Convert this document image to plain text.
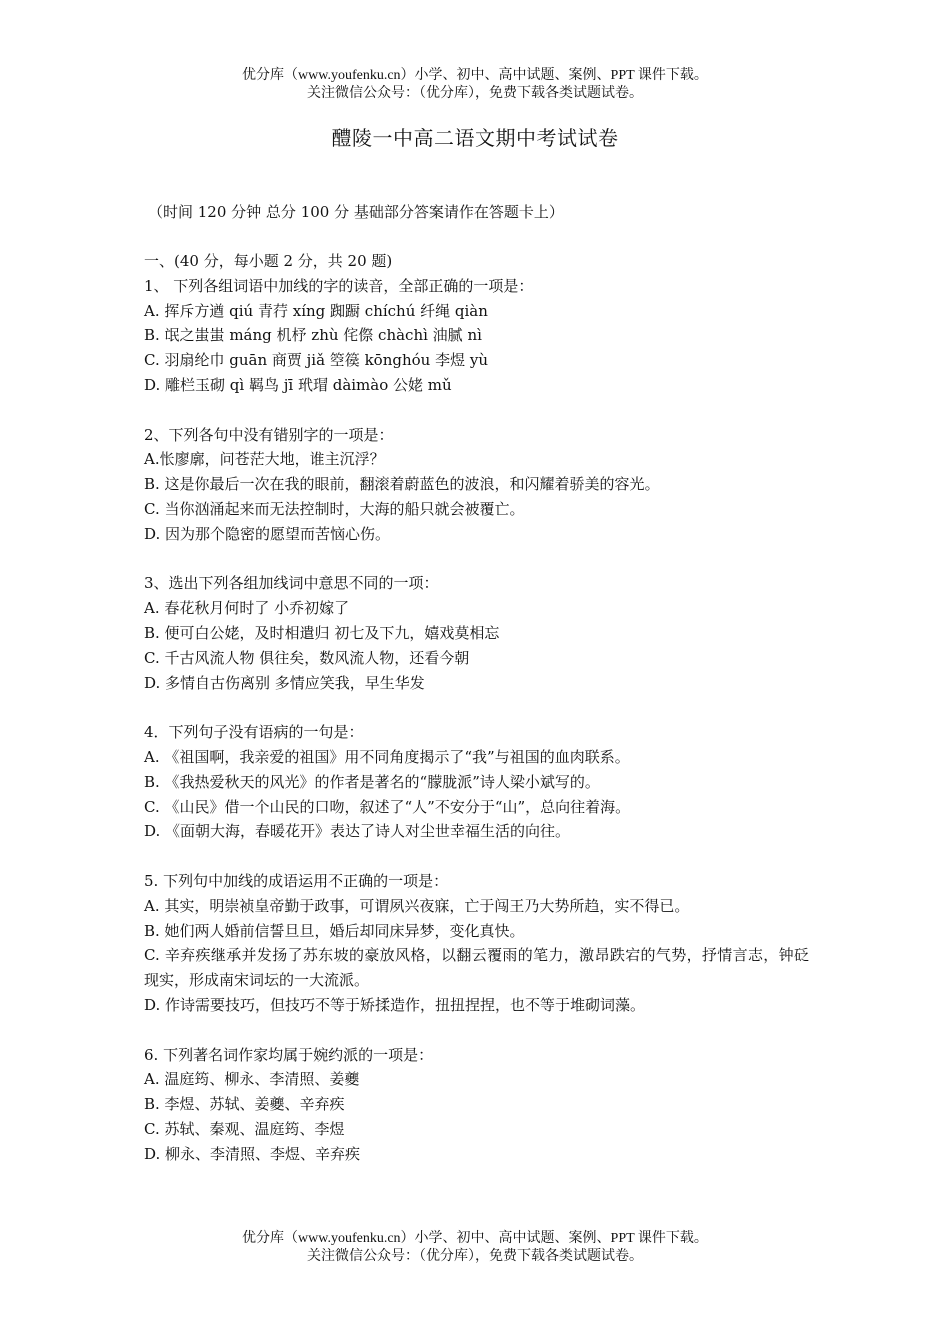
优分库（www.youfenku.cn）小学、初中、高中试题、案例、PPT 课件下载。
关注微信公众号：（优分库），免费下载各类试题试卷。
醴陵一中高二语文期中考试试卷
（时间 120 分钟 总分 100 分 基础部分答案请作在答题卡上）
一、(40 分，每小题 2 分，共 20 题)
1、 下列各组词语中加线的字的读音，全部正确的一项是：
A. 挥斥方遒 qiú 青荇 xíng 踟蹰 chíchú 纤绳 qiàn
B. 氓之蚩蚩 máng 机杼 zhù 侘傺 chàchì 油腻 nì
C. 羽扇纶巾 guān 商贾 jiǎ 箜篌 kōnghóu 李煜 yù
D. 雕栏玉砌 qì 羁鸟 jī 玳瑁 dàimào 公姥 mǔ
2、下列各句中没有错别字的一项是：
A.怅廖廓，问苍茫大地，谁主沉浮？
B. 这是你最后一次在我的眼前，翻滚着蔚蓝色的波浪，和闪耀着骄美的容光。
C. 当你汹涌起来而无法控制时，大海的船只就会被覆亡。
D. 因为那个隐密的愿望而苦恼心伤。
3、选出下列各组加线词中意思不同的一项：
A. 春花秋月何时了 小乔初嫁了
B. 便可白公姥，及时相遣归 初七及下九，嬉戏莫相忘
C. 千古风流人物 俱往矣，数风流人物，还看今朝
D. 多情自古伤离别 多情应笑我，早生华发
4．下列句子没有语病的一句是：
A. 《祖国啊，我亲爱的祖国》用不同角度揭示了“我”与祖国的血肉联系。
B. 《我热爱秋天的风光》的作者是著名的“朦胧派”诗人梁小斌写的。
C. 《山民》借一个山民的口吻，叙述了“人”不安分于“山”，总向往着海。
D. 《面朝大海，春暖花开》表达了诗人对尘世幸福生活的向往。
5. 下列句中加线的成语运用不正确的一项是：
A. 其实，明崇祯皇帝勤于政事，可谓夙兴夜寐，亡于闯王乃大势所趋，实不得已。
B. 她们两人婚前信誓旦旦，婚后却同床异梦，变化真快。
C. 辛弃疾继承并发扬了苏东坡的豪放风格，以翻云覆雨的笔力，激昂跌宕的气势，抒情言志，钟砭现实，形成南宋词坛的一大流派。
D. 作诗需要技巧，但技巧不等于矫揉造作，扭扭捏捏，也不等于堆砌词藻。
6. 下列著名词作家均属于婉约派的一项是：
A. 温庭筠、柳永、李清照、姜夔
B. 李煜、苏轼、姜夔、辛弃疾
C. 苏轼、秦观、温庭筠、李煜
D. 柳永、李清照、李煜、辛弃疾
优分库（www.youfenku.cn）小学、初中、高中试题、案例、PPT 课件下载。
关注微信公众号：（优分库），免费下载各类试题试卷。
